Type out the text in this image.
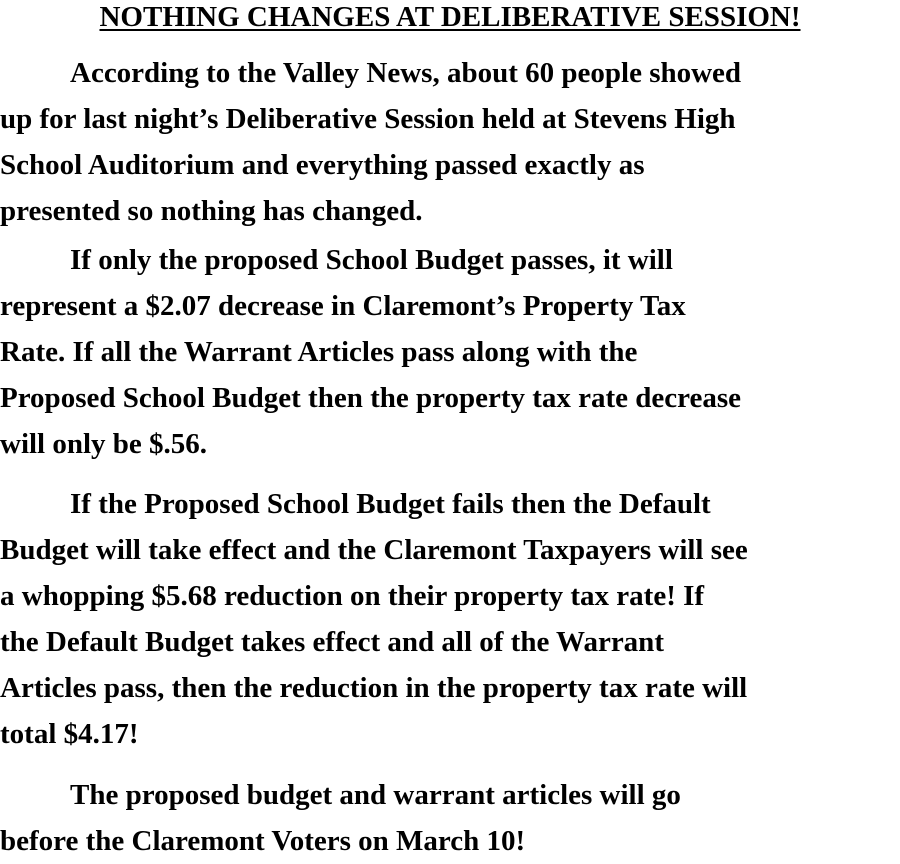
NOTHING CHANGES AT DELIBERATIVE SESSION!
According to the Valley News, about 60 people showed
up for last night’s Deliberative Session held at Stevens High
School Auditorium and everything passed exactly as
presented so nothing has changed.
If only the proposed School Budget passes, it will
represent a $2.07 decrease in Claremont’s Property Tax
Rate. If all the Warrant Articles pass along with the
Proposed School Budget then the property tax rate decrease
will only be $.56.
If the Proposed School Budget fails then the Default
Budget will take effect and the Claremont Taxpayers will see
a whopping $5.68 reduction on their property tax rate! If
the Default Budget takes effect and all of the Warrant
Articles pass, then the reduction in the property tax rate will
total $4.17!
The proposed budget and warrant articles will go
before the Claremont Voters on March 10!
